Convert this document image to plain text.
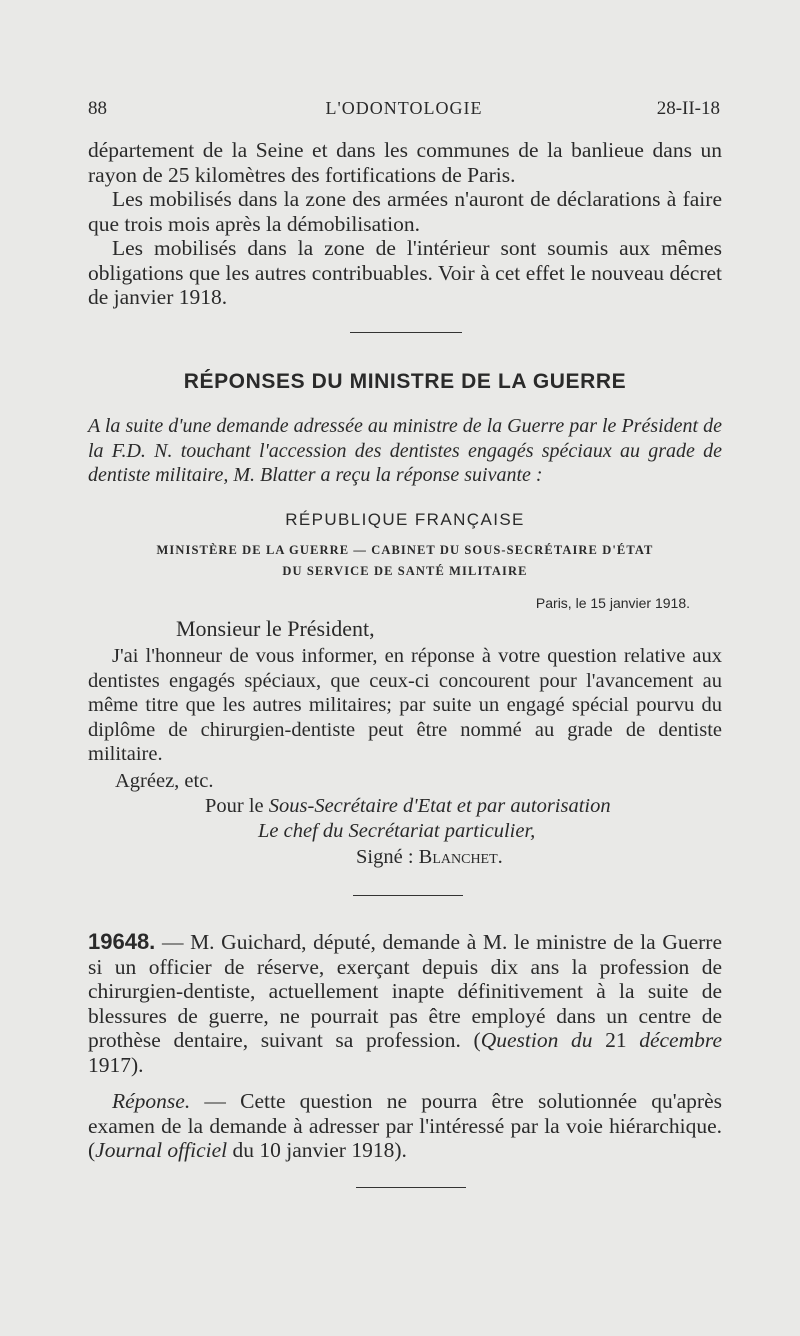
88	L'ODONTOLOGIE	28-II-18

département de la Seine et dans les communes de la banlieue dans un rayon de 25 kilomètres des fortifications de Paris.

Les mobilisés dans la zone des armées n'auront de déclarations à faire que trois mois après la démobilisation.

Les mobilisés dans la zone de l'intérieur sont soumis aux mêmes obligations que les autres contribuables. Voir à cet effet le nouveau décret de janvier 1918.

RÉPONSES DU MINISTRE DE LA GUERRE

A la suite d'une demande adressée au ministre de la Guerre par le Président de la F.D. N. touchant l'accession des dentistes engagés spéciaux au grade de dentiste militaire, M. Blatter a reçu la réponse suivante :

RÉPUBLIQUE FRANÇAISE
MINISTÈRE DE LA GUERRE — CABINET DU SOUS-SECRÉTAIRE D'ÉTAT
DU SERVICE DE SANTÉ MILITAIRE
Paris, le 15 janvier 1918.
Monsieur le Président,

J'ai l'honneur de vous informer, en réponse à votre question relative aux dentistes engagés spéciaux, que ceux-ci concourent pour l'avancement au même titre que les autres militaires; par suite un engagé spécial pourvu du diplôme de chirurgien-dentiste peut être nommé au grade de dentiste militaire.

Agréez, etc.
Pour le Sous-Secrétaire d'Etat et par autorisation
Le chef du Secrétariat particulier,
Signé : Blanchet.

19648. — M. Guichard, député, demande à M. le ministre de la Guerre si un officier de réserve, exerçant depuis dix ans la profession de chirurgien-dentiste, actuellement inapte définitivement à la suite de blessures de guerre, ne pourrait pas être employé dans un centre de prothèse dentaire, suivant sa profession. (Question du 21 décembre 1917).

Réponse. — Cette question ne pourra être solutionnée qu'après examen de la demande à adresser par l'intéressé par la voie hiérarchique. (Journal officiel du 10 janvier 1918).
